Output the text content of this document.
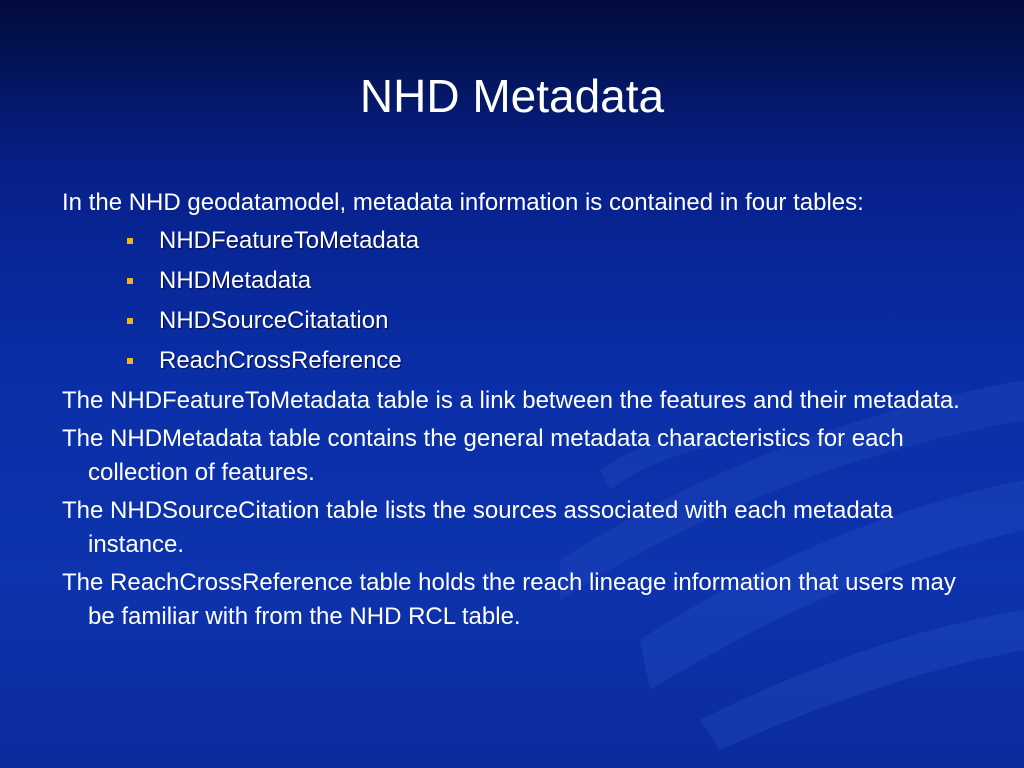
NHD Metadata

In the NHD geodatamodel, metadata information is contained in four tables:

NHDFeatureToMetadata
NHDMetadata
NHDSourceCitatation
ReachCrossReference

The NHDFeatureToMetadata table is a link between the features and their metadata.

The NHDMetadata table contains the general metadata characteristics for each collection of features.

The NHDSourceCitation table lists the sources associated with each metadata instance.

The ReachCrossReference table holds the reach lineage information that users may be familiar with from the NHD RCL table.
